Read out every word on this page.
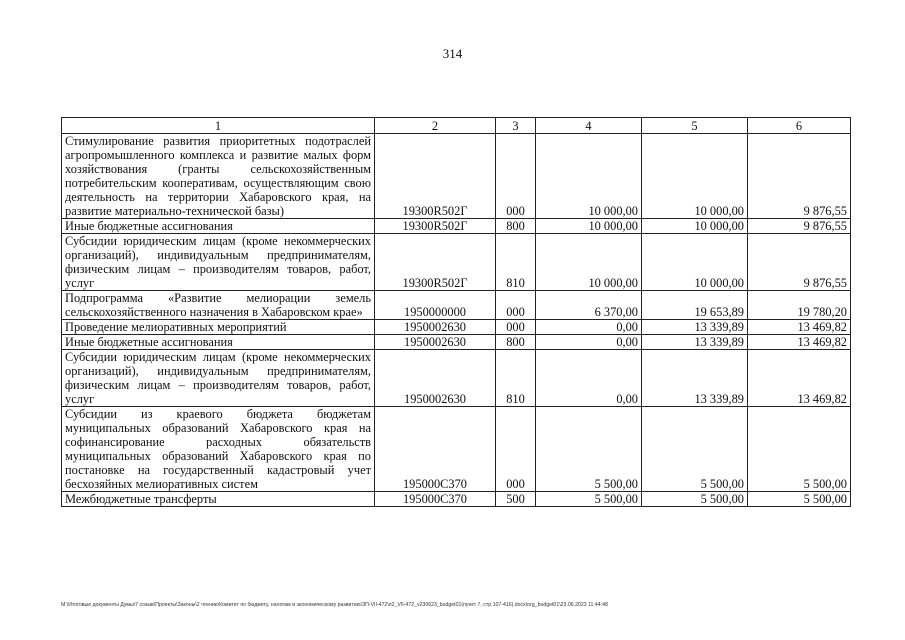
314
1	2	3	4	5	6
Стимулирование развития приоритетных подотраслей агропромышленного комплекса и развитие малых форм хозяйствования (гранты сельскохозяйственным потребительским кооперативам, осуществляющим свою деятельность на территории Хабаровского края, на развитие материально-технической базы)	19300R502Г	000	10 000,00	10 000,00	9 876,55
Иные бюджетные ассигнования	19300R502Г	800	10 000,00	10 000,00	9 876,55
Субсидии юридическим лицам (кроме некоммерческих организаций), индивидуальным предпринимателям, физическим лицам – производителям товаров, работ, услуг	19300R502Г	810	10 000,00	10 000,00	9 876,55
Подпрограмма «Развитие мелиорации земель сельскохозяйственного назначения в Хабаровском крае»	1950000000	000	6 370,00	19 653,89	19 780,20
Проведение мелиоративных мероприятий	1950002630	000	0,00	13 339,89	13 469,82
Иные бюджетные ассигнования	1950002630	800	0,00	13 339,89	13 469,82
Субсидии юридическим лицам (кроме некоммерческих организаций), индивидуальным предпринимателям, физическим лицам – производителям товаров, работ, услуг	1950002630	810	0,00	13 339,89	13 469,82
Субсидии из краевого бюджета бюджетам муниципальных образований Хабаровского края на софинансирование расходных обязательств муниципальных образований Хабаровского края по постановке на государственный кадастровый учет бесхозяйных мелиоративных систем	195000C370	000	5 500,00	5 500,00	5 500,00
Межбюджетные трансферты	195000C370	500	5 500,00	5 500,00	5 500,00
M:\Итоговые документы Думы\7 созыв\Проекты\Законы\2 чтение\Комитет по бюджету, налогам и экономическому развитию\ЗП-VII-472\п2_VII-472_v230623_budget01(пункт 7, стр.107-416).docx\org_budget01\23.06.2023 11:44:48
